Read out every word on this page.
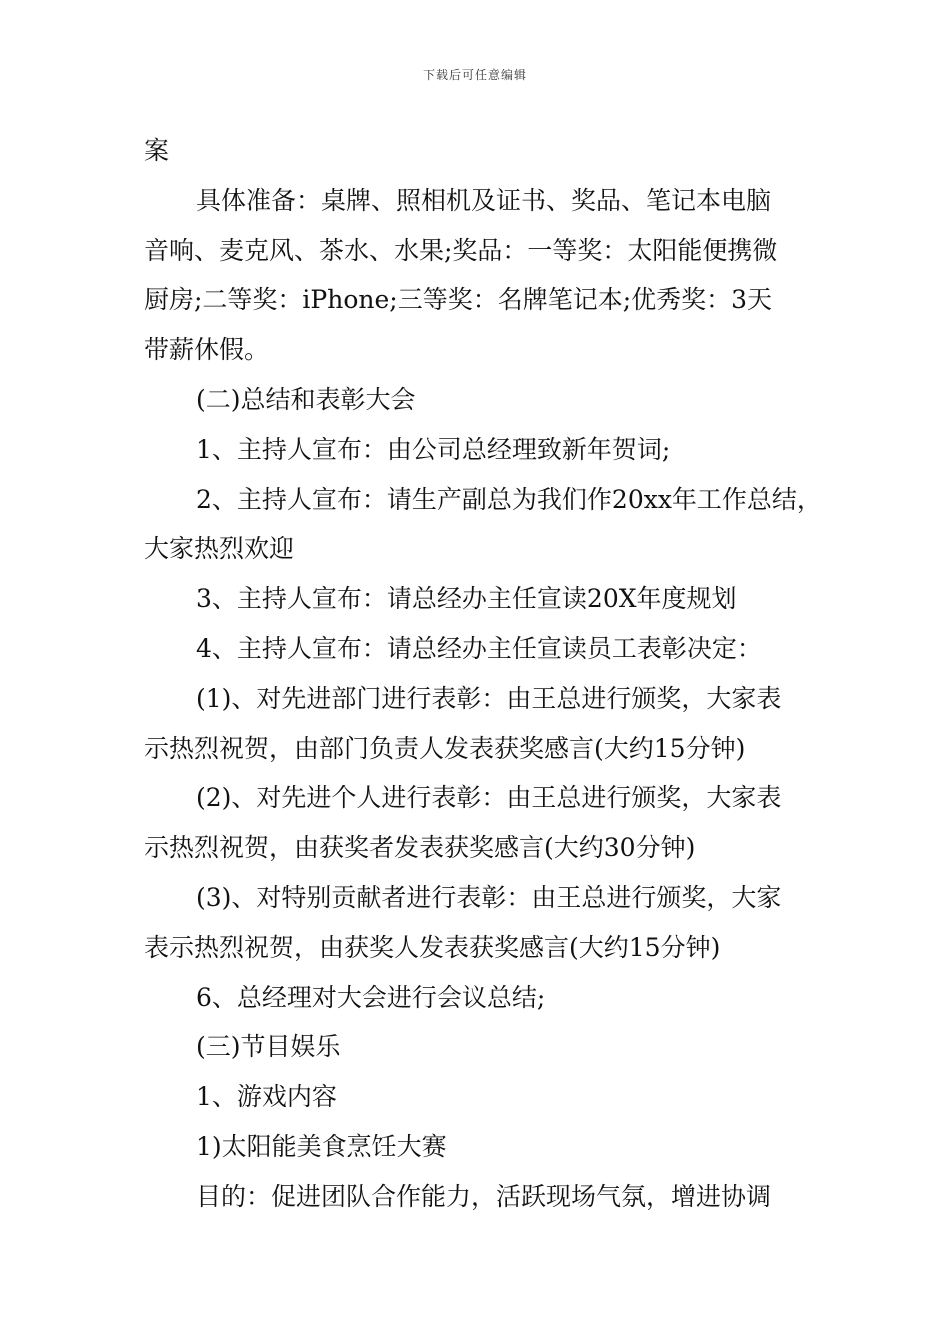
下载后可任意编辑
案
具体准备：桌牌、照相机及证书、奖品、笔记本电脑
音响、麦克风、茶水、水果;奖品：一等奖：太阳能便携微
厨房;二等奖：iPhone;三等奖：名牌笔记本;优秀奖：3天
带薪休假。
(二)总结和表彰大会
1、主持人宣布：由公司总经理致新年贺词;
2、主持人宣布：请生产副总为我们作20xx年工作总结，
大家热烈欢迎
3、主持人宣布：请总经办主任宣读20X年度规划
4、主持人宣布：请总经办主任宣读员工表彰决定：
(1)、对先进部门进行表彰：由王总进行颁奖，大家表
示热烈祝贺，由部门负责人发表获奖感言(大约15分钟)
(2)、对先进个人进行表彰：由王总进行颁奖，大家表
示热烈祝贺，由获奖者发表获奖感言(大约30分钟)
(3)、对特别贡献者进行表彰：由王总进行颁奖，大家
表示热烈祝贺，由获奖人发表获奖感言(大约15分钟)
6、总经理对大会进行会议总结;
(三)节目娱乐
1、游戏内容
1)太阳能美食烹饪大赛
目的：促进团队合作能力，活跃现场气氛，增进协调
